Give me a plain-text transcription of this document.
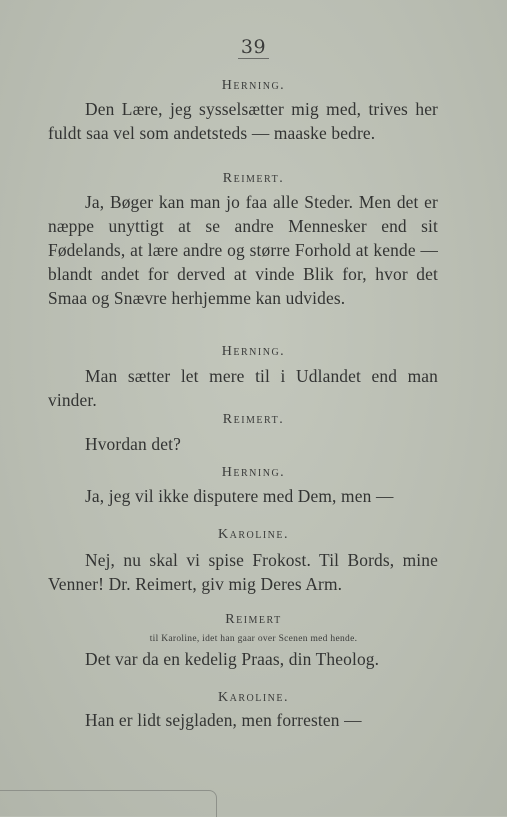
39
Herning.
Den Lære, jeg sysselsætter mig med, trives her fuldt saa vel som andetsteds — maaske bedre.
Reimert.
Ja, Bøger kan man jo faa alle Steder. Men det er næppe unyttigt at se andre Mennesker end sit Fødelands, at lære andre og større Forhold at kende — blandt andet for derved at vinde Blik for, hvor det Smaa og Snævre herhjemme kan udvides.
Herning.
Man sætter let mere til i Udlandet end man vinder.
Reimert.
Hvordan det?
Herning.
Ja, jeg vil ikke disputere med Dem, men —
Karoline.
Nej, nu skal vi spise Frokost. Til Bords, mine Venner! Dr. Reimert, giv mig Deres Arm.
Reimert
til Karoline, idet han gaar over Scenen med hende.
Det var da en kedelig Praas, din Theolog.
Karoline.
Han er lidt sejgladen, men forresten —
